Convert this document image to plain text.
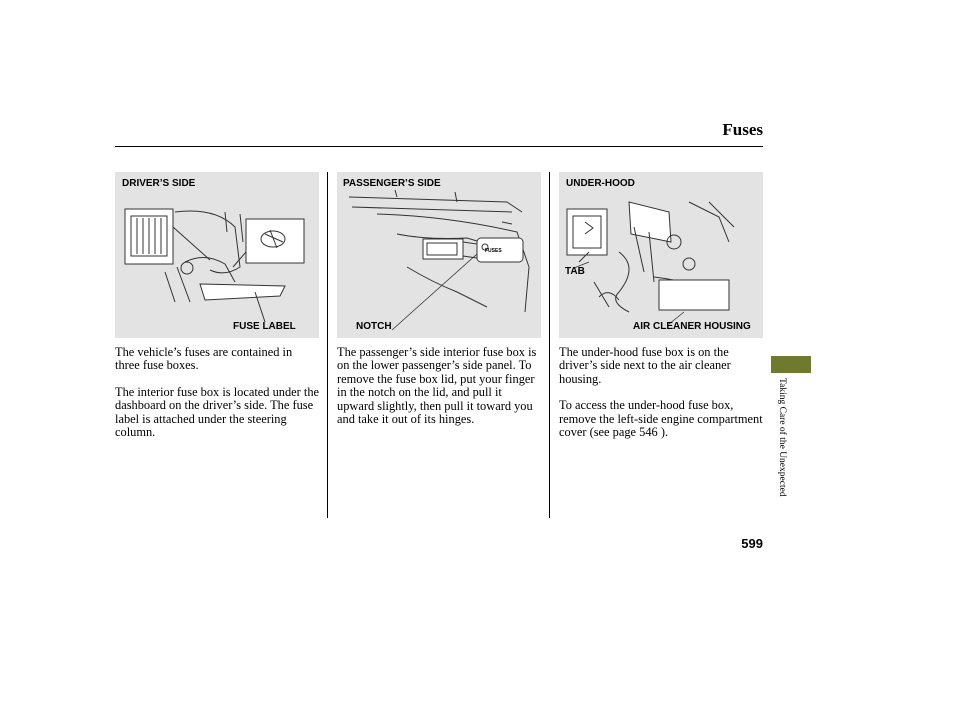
Fuses
DRIVER’S SIDE
FUSE LABEL
FUSES
PASSENGER’S SIDE
NOTCH
UNDER-HOOD
TAB
AIR CLEANER HOUSING

The vehicle’s fuses are contained in three fuse boxes.

The interior fuse box is located under the dashboard on the driver’s side. The fuse label is attached under the steering column.

The passenger’s side interior fuse box is on the lower passenger’s side panel. To remove the fuse box lid, put your finger in the notch on the lid, and pull it upward slightly, then pull it toward you and take it out of its hinges.

The under-hood fuse box is on the driver’s side next to the air cleaner housing.

To access the under-hood fuse box, remove the left-side engine compartment cover (see page 546 ).	Taking Care of the Unexpected
599
